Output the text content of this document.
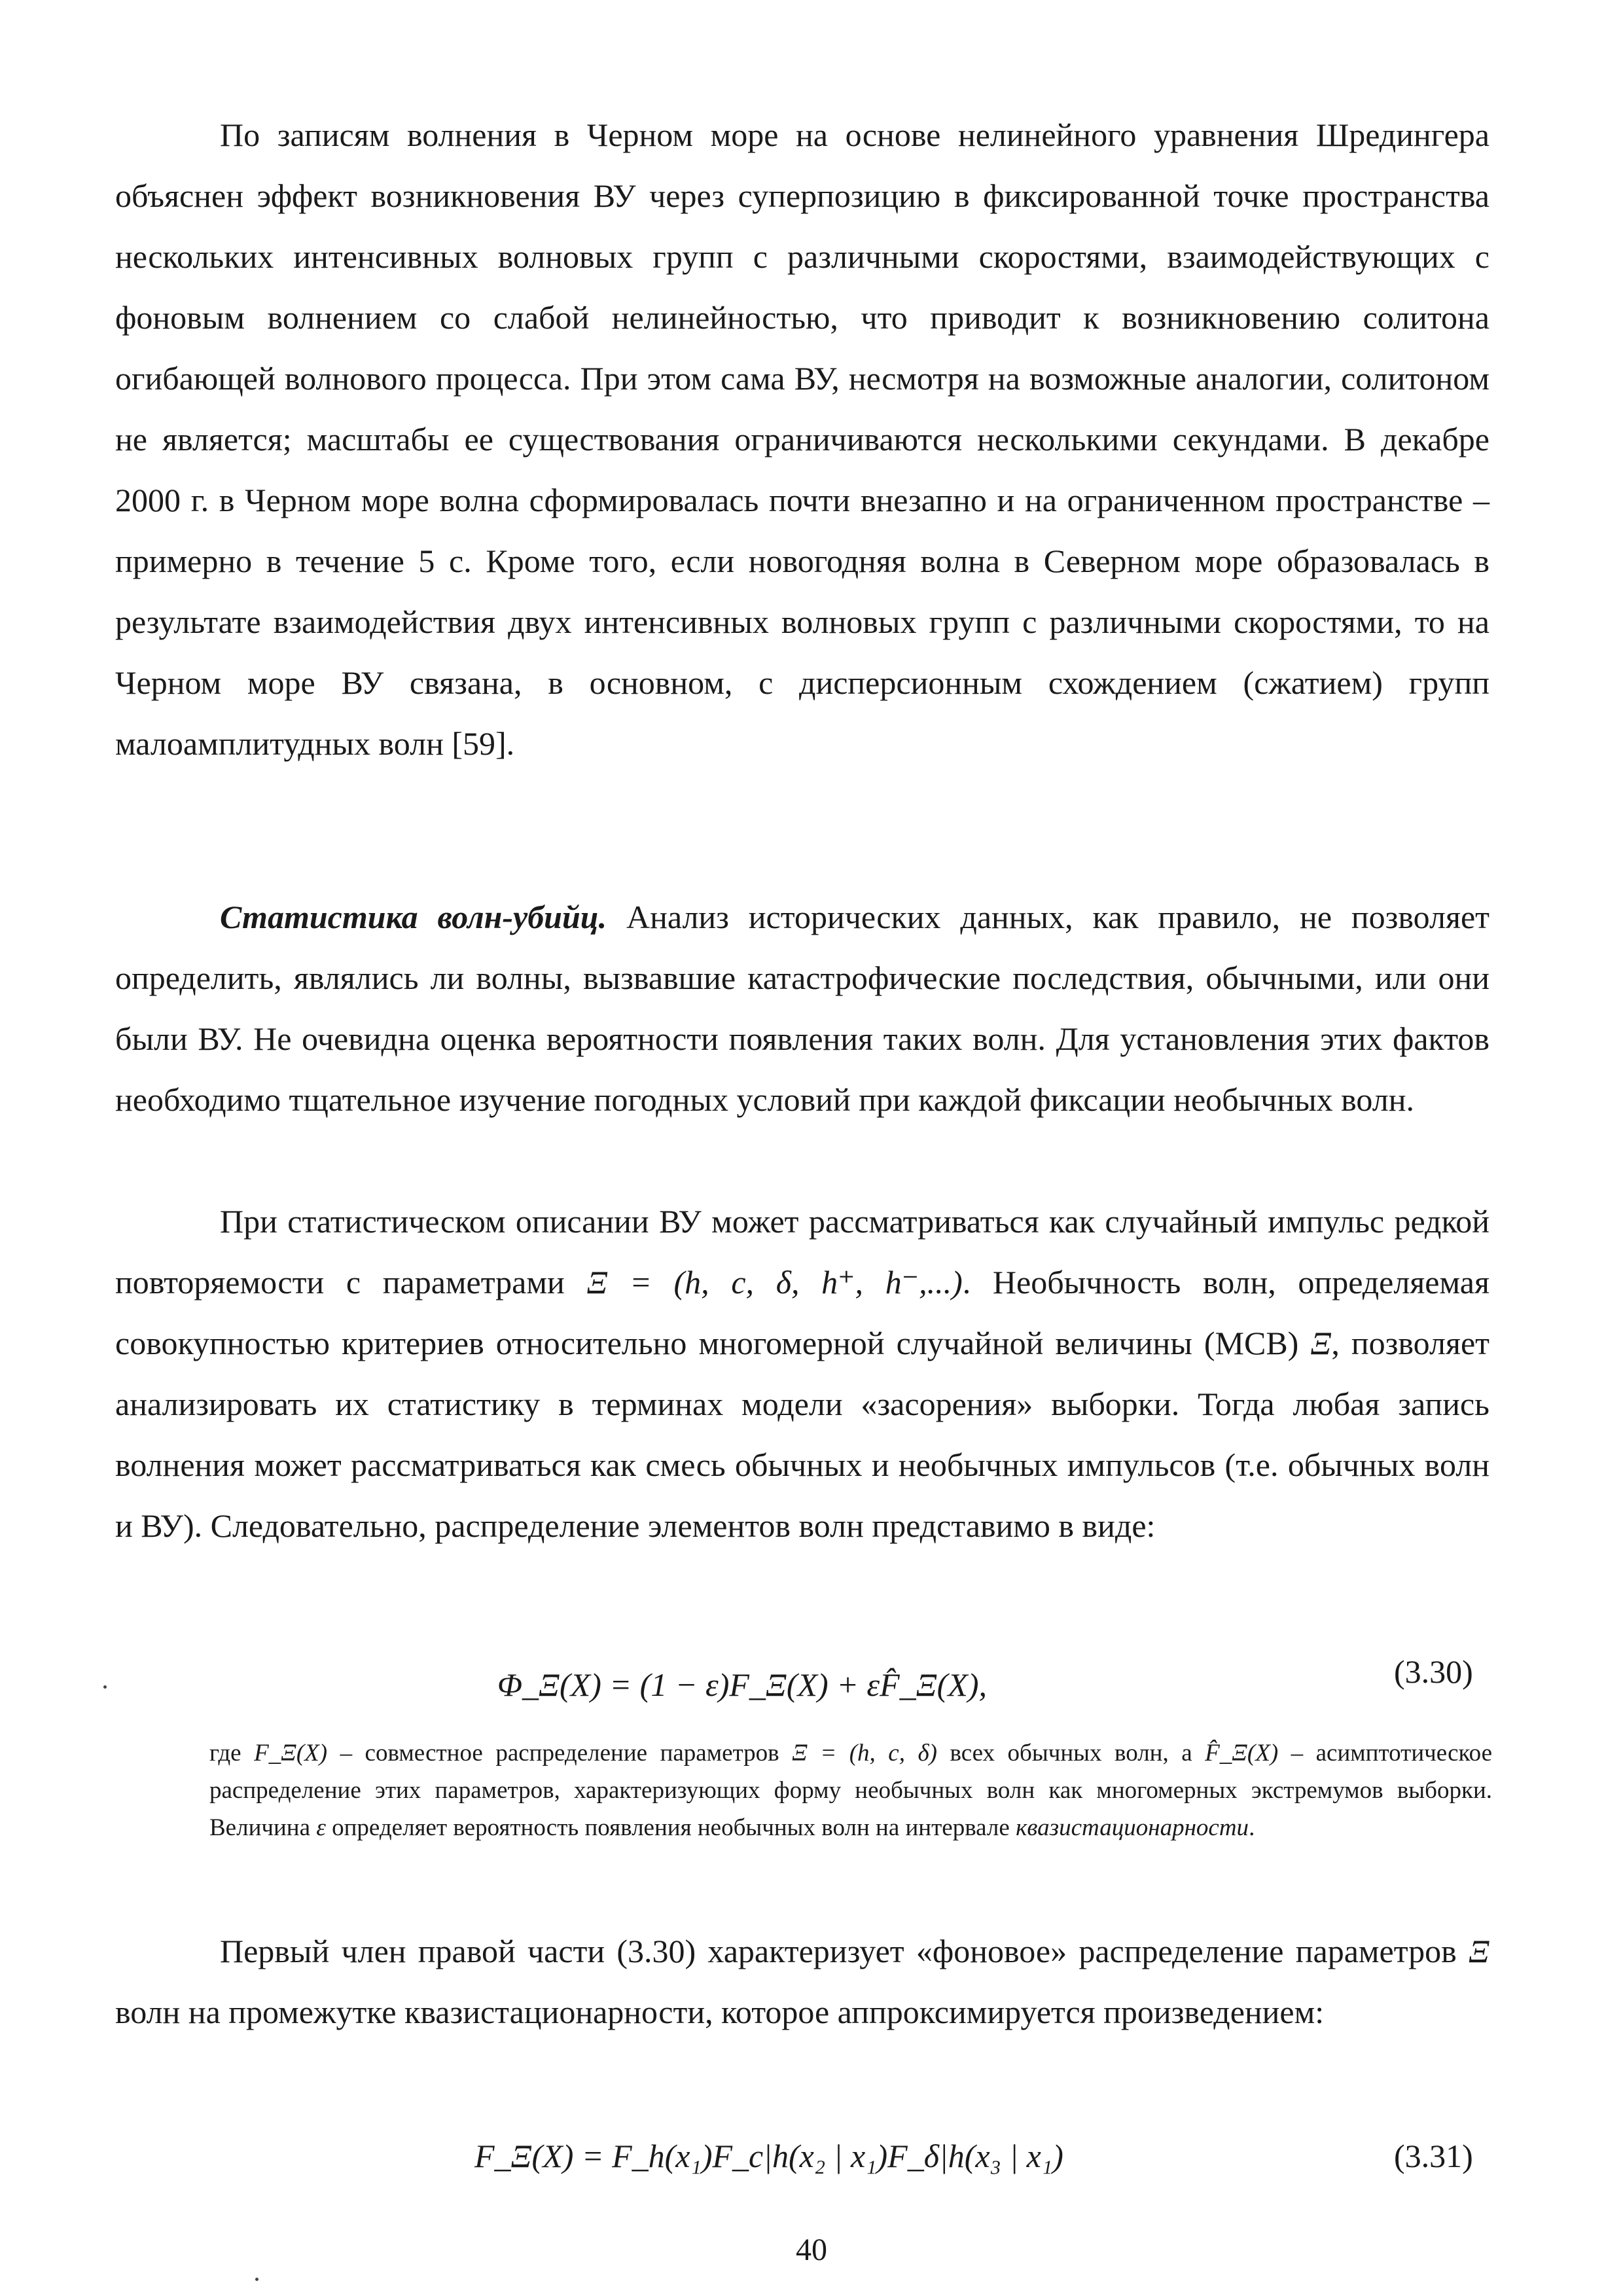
По записям волнения в Черном море на основе нелинейного уравнения Шредингера объяснен эффект возникновения ВУ через суперпозицию в фиксированной точке пространства нескольких интенсивных волновых групп с различными скоростями, взаимодействующих с фоновым волнением со слабой нелинейностью, что приводит к возникновению солитона огибающей волнового процесса. При этом сама ВУ, несмотря на возможные аналогии, солитоном не является; масштабы ее существования ограничиваются несколькими секундами. В декабре 2000 г. в Черном море волна сформировалась почти внезапно и на ограниченном пространстве – примерно в течение 5 с. Кроме того, если новогодняя волна в Северном море образовалась в результате взаимодействия двух интенсивных волновых групп с различными скоростями, то на Черном море ВУ связана, в основном, с дисперсионным схождением (сжатием) групп малоамплитудных волн [59].

Статистика волн-убийц. Анализ исторических данных, как правило, не позволяет определить, являлись ли волны, вызвавшие катастрофические последствия, обычными, или они были ВУ. Не очевидна оценка вероятности появления таких волн. Для установления этих фактов необходимо тщательное изучение погодных условий при каждой фиксации необычных волн.

При статистическом описании ВУ может рассматриваться как случайный импульс редкой повторяемости с параметрами Ξ = (h, c, δ, h⁺, h⁻,...). Необычность волн, определяемая совокупностью критериев относительно многомерной случайной величины (МСВ) Ξ, позволяет анализировать их статистику в терминах модели «засорения» выборки. Тогда любая запись волнения может рассматриваться как смесь обычных и необычных импульсов (т.е. обычных волн и ВУ). Следовательно, распределение элементов волн представимо в виде:

Φ_Ξ(X) = (1 − ε)F_Ξ(X) + εF̂_Ξ(X),	(3.30)

где F_Ξ(X) – совместное распределение параметров Ξ = (h, c, δ) всех обычных волн, а F̂_Ξ(X) – асимптотическое распределение этих параметров, характеризующих форму необычных волн как многомерных экстремумов выборки. Величина ε определяет вероятность появления необычных волн на интервале квазистационарности.

Первый член правой части (3.30) характеризует «фоновое» распределение параметров Ξ волн на промежутке квазистационарности, которое аппроксимируется произведением:

F_Ξ(X) = F_h(x₁)F_c|h(x₂ | x₁)F_δ|h(x₃ | x₁)	(3.31)
40
